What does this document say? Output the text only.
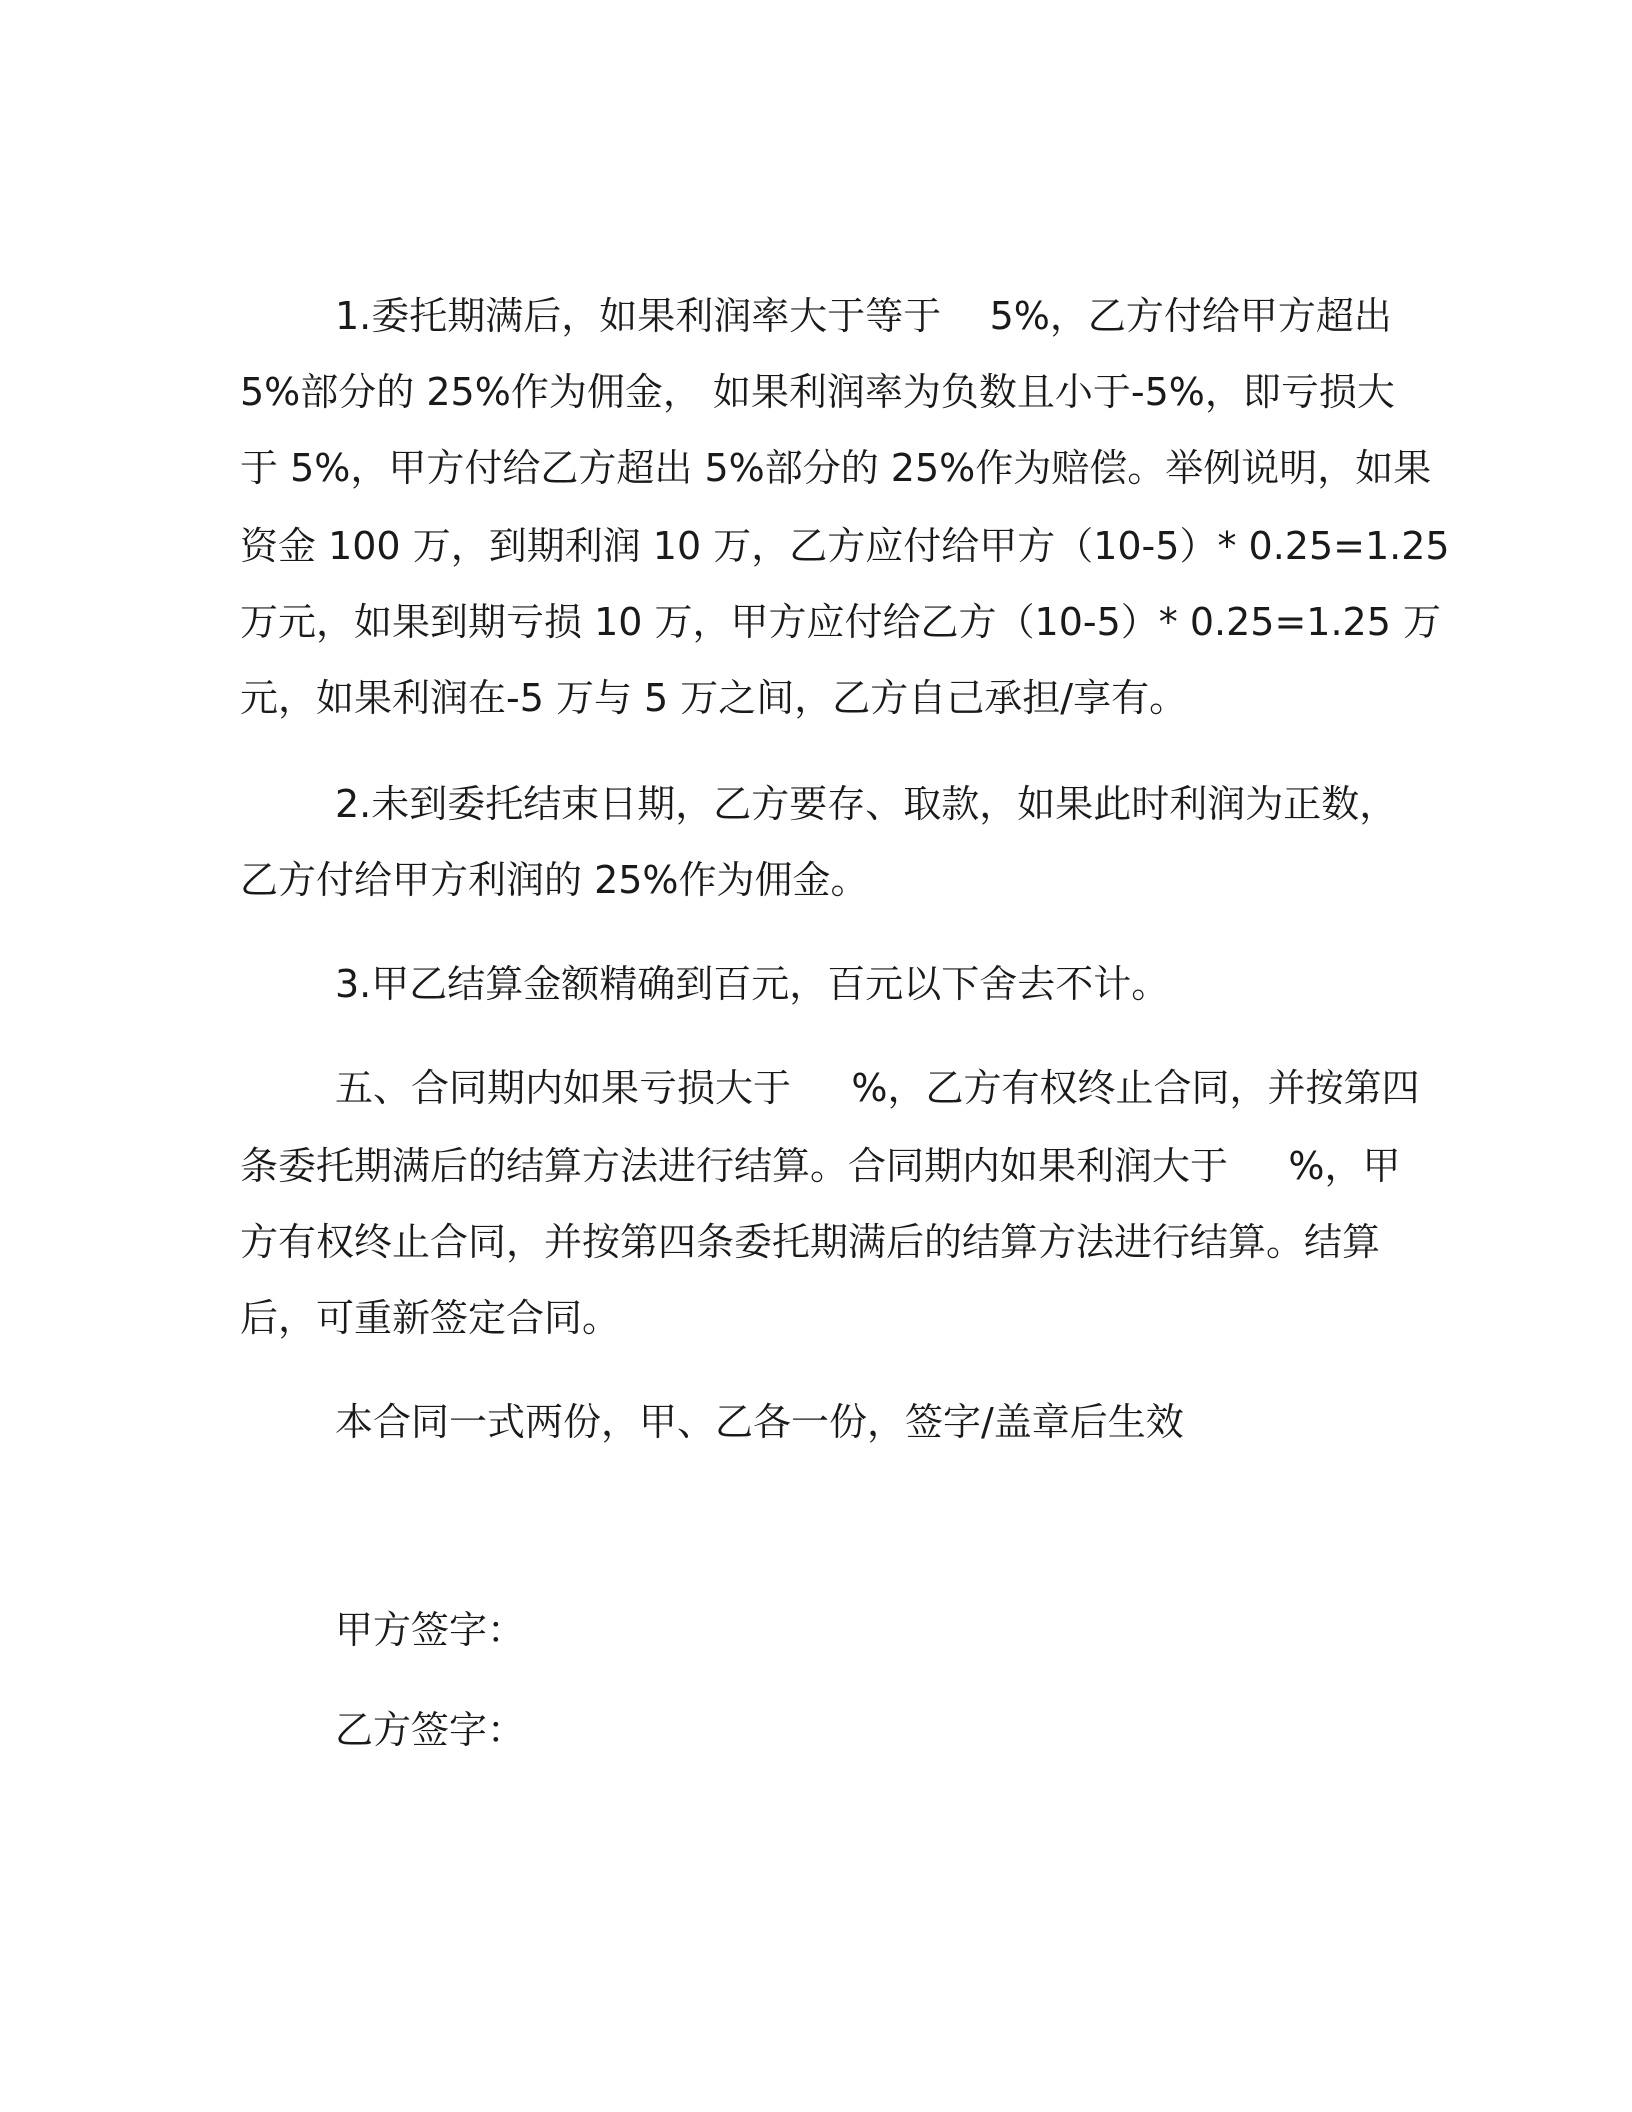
1.委托期满后，如果利润率大于等于    5%，乙方付给甲方超出
5%部分的 25%作为佣金， 如果利润率为负数且小于-5%，即亏损大
于 5%，甲方付给乙方超出 5%部分的 25%作为赔偿。举例说明，如果
资金 100 万，到期利润 10 万，乙方应付给甲方（10-5）* 0.25=1.25
万元，如果到期亏损 10 万，甲方应付给乙方（10-5）* 0.25=1.25 万
元，如果利润在-5 万与 5 万之间，乙方自己承担/享有。
2.未到委托结束日期，乙方要存、取款，如果此时利润为正数，
乙方付给甲方利润的 25%作为佣金。
3.甲乙结算金额精确到百元，百元以下舍去不计。
五、合同期内如果亏损大于     %，乙方有权终止合同，并按第四
条委托期满后的结算方法进行结算。合同期内如果利润大于     %，甲
方有权终止合同，并按第四条委托期满后的结算方法进行结算。结算
后，可重新签定合同。
本合同一式两份，甲、乙各一份，签字/盖章后生效
甲方签字：
乙方签字：
